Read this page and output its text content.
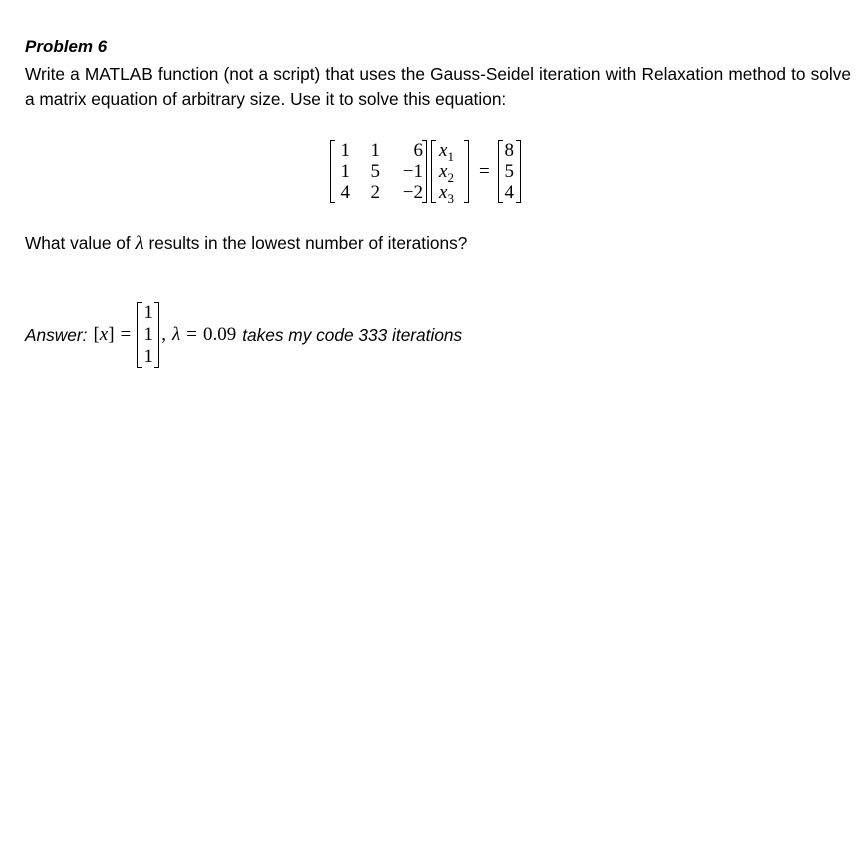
Problem 6
Write a MATLAB function (not a script) that uses the Gauss-Seidel iteration with Relaxation method to solve a matrix equation of arbitrary size. Use it to solve this equation:
1	1	6
1	5	−1
4	2	−2
$x_1$
$x_2$
$x_3$
=
8
5
4
What value of λ results in the lowest number of iterations?
Answer: [ x ] =
1
1
1
, λ = 0.09 takes my code 333 iterations
